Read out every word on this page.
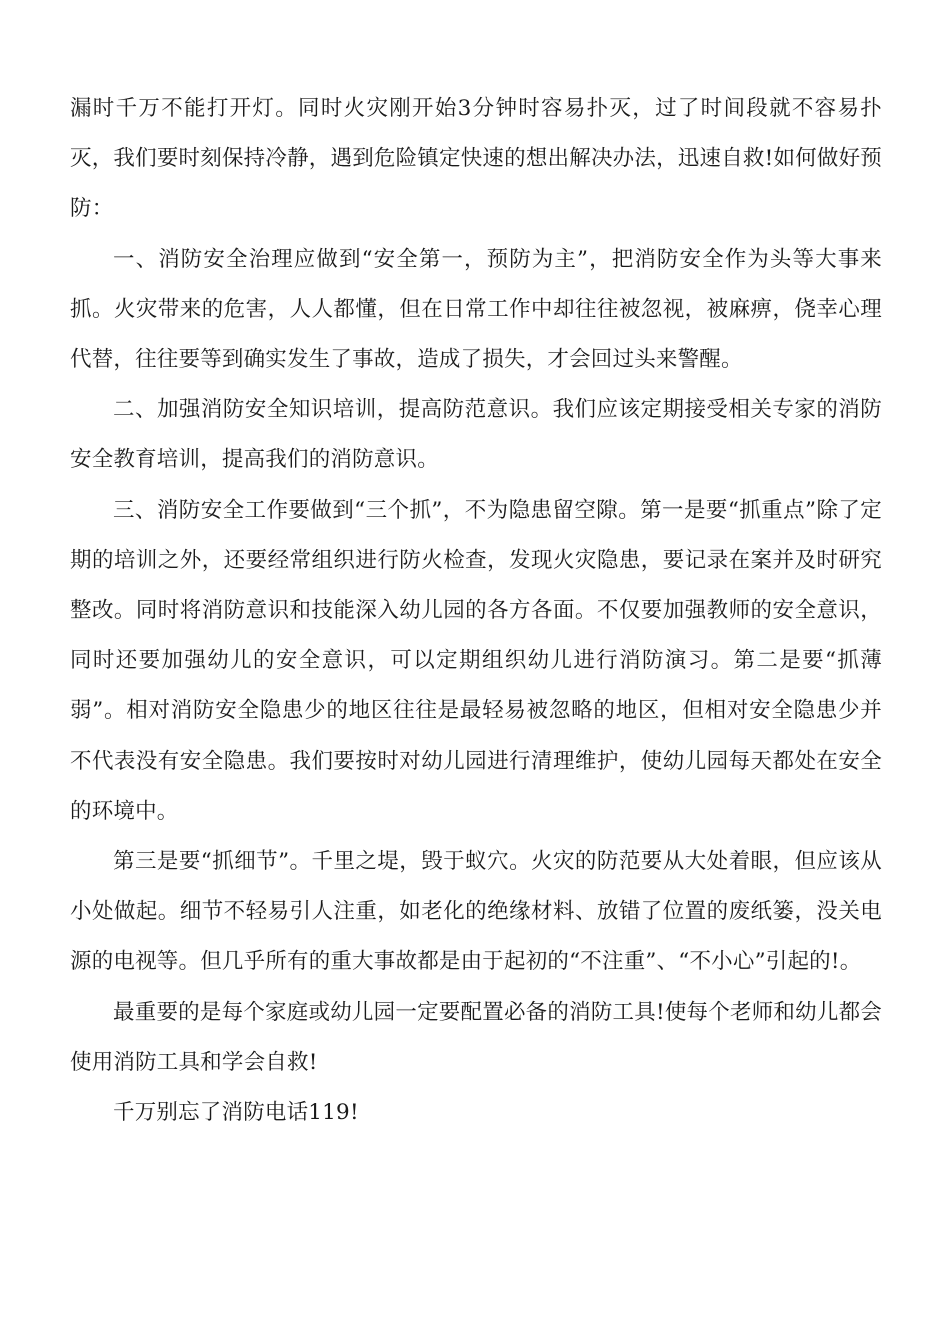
漏时千万不能打开灯。同时火灾刚开始3分钟时容易扑灭，过了时间段就不容易扑灭，我们要时刻保持冷静，遇到危险镇定快速的想出解决办法，迅速自救!如何做好预防：

一、消防安全治理应做到“安全第一，预防为主”，把消防安全作为头等大事来抓。火灾带来的危害，人人都懂，但在日常工作中却往往被忽视，被麻痹，侥幸心理代替，往往要等到确实发生了事故，造成了损失，才会回过头来警醒。

二、加强消防安全知识培训，提高防范意识。我们应该定期接受相关专家的消防安全教育培训，提高我们的消防意识。

三、消防安全工作要做到“三个抓”，不为隐患留空隙。第一是要“抓重点”除了定期的培训之外，还要经常组织进行防火检查，发现火灾隐患，要记录在案并及时研究整改。同时将消防意识和技能深入幼儿园的各方各面。不仅要加强教师的安全意识，同时还要加强幼儿的安全意识，可以定期组织幼儿进行消防演习。第二是要“抓薄弱”。相对消防安全隐患少的地区往往是最轻易被忽略的地区，但相对安全隐患少并不代表没有安全隐患。我们要按时对幼儿园进行清理维护，使幼儿园每天都处在安全的环境中。

第三是要“抓细节”。千里之堤，毁于蚁穴。火灾的防范要从大处着眼，但应该从小处做起。细节不轻易引人注重，如老化的绝缘材料、放错了位置的废纸篓，没关电源的电视等。但几乎所有的重大事故都是由于起初的“不注重”、“不小心”引起的!。

最重要的是每个家庭或幼儿园一定要配置必备的消防工具!使每个老师和幼儿都会使用消防工具和学会自救!

千万别忘了消防电话119!
